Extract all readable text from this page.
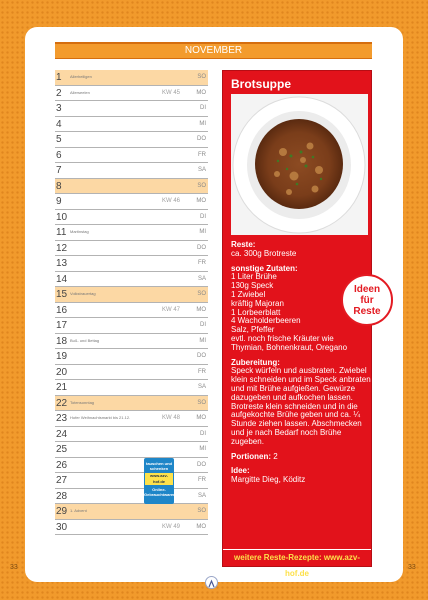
NOVEMBER
1 Allerheiligen	SO
2 Allerseelen	KW 45	MO
3	DI
4	MI
5	DO
6	FR
7	SA
8	SO
9	KW 46	MO
10	DI
11 Martinstag	MI
12	DO
13	FR
14	SA
15 Volkstrauertag	SO
16	KW 47	MO
17	DI
18 Buß- und Bettag	MI
19	DO
20	FR
21	SA
22 Totensonntag	SO
23 Hofer Weihnachtsmarkt bis 21.12.	KW 48	MO
24	DI
25	MI
26	DO
27	FR
28	SA
29 1. Advent	SO
30	KW 49	MO
tauschen und schenken
www.azv-hof.de
Online-Gebrauchtwarenbörse
Brotsuppe

Reste:
ca. 300g Brotreste

sonstige Zutaten:
1 Liter Brühe
130g Speck
1 Zwiebel
kräftig Majoran
1 Lorbeerblatt
4 Wacholderbeeren
Salz, Pfeffer
evtl. noch frische Kräuter wie
Thymian, Bohnenkraut, Oregano

Zubereitung:
Speck würfeln und ausbraten. Zwiebel klein schneiden und im Speck anbraten und mit Brühe aufgießen. Gewürze dazugeben und aufkochen lassen. Brotreste klein schneiden und in die aufgekochte Brühe geben und ca. ¼ Stunde ziehen lassen. Abschmecken und je nach Bedarf noch Brühe zugeben.

Portionen: 2

Idee:
Margitte Dieg, Köditz

Ideen
für
Reste
weitere Reste-Rezepte: www.azv-hof.de
33	33
